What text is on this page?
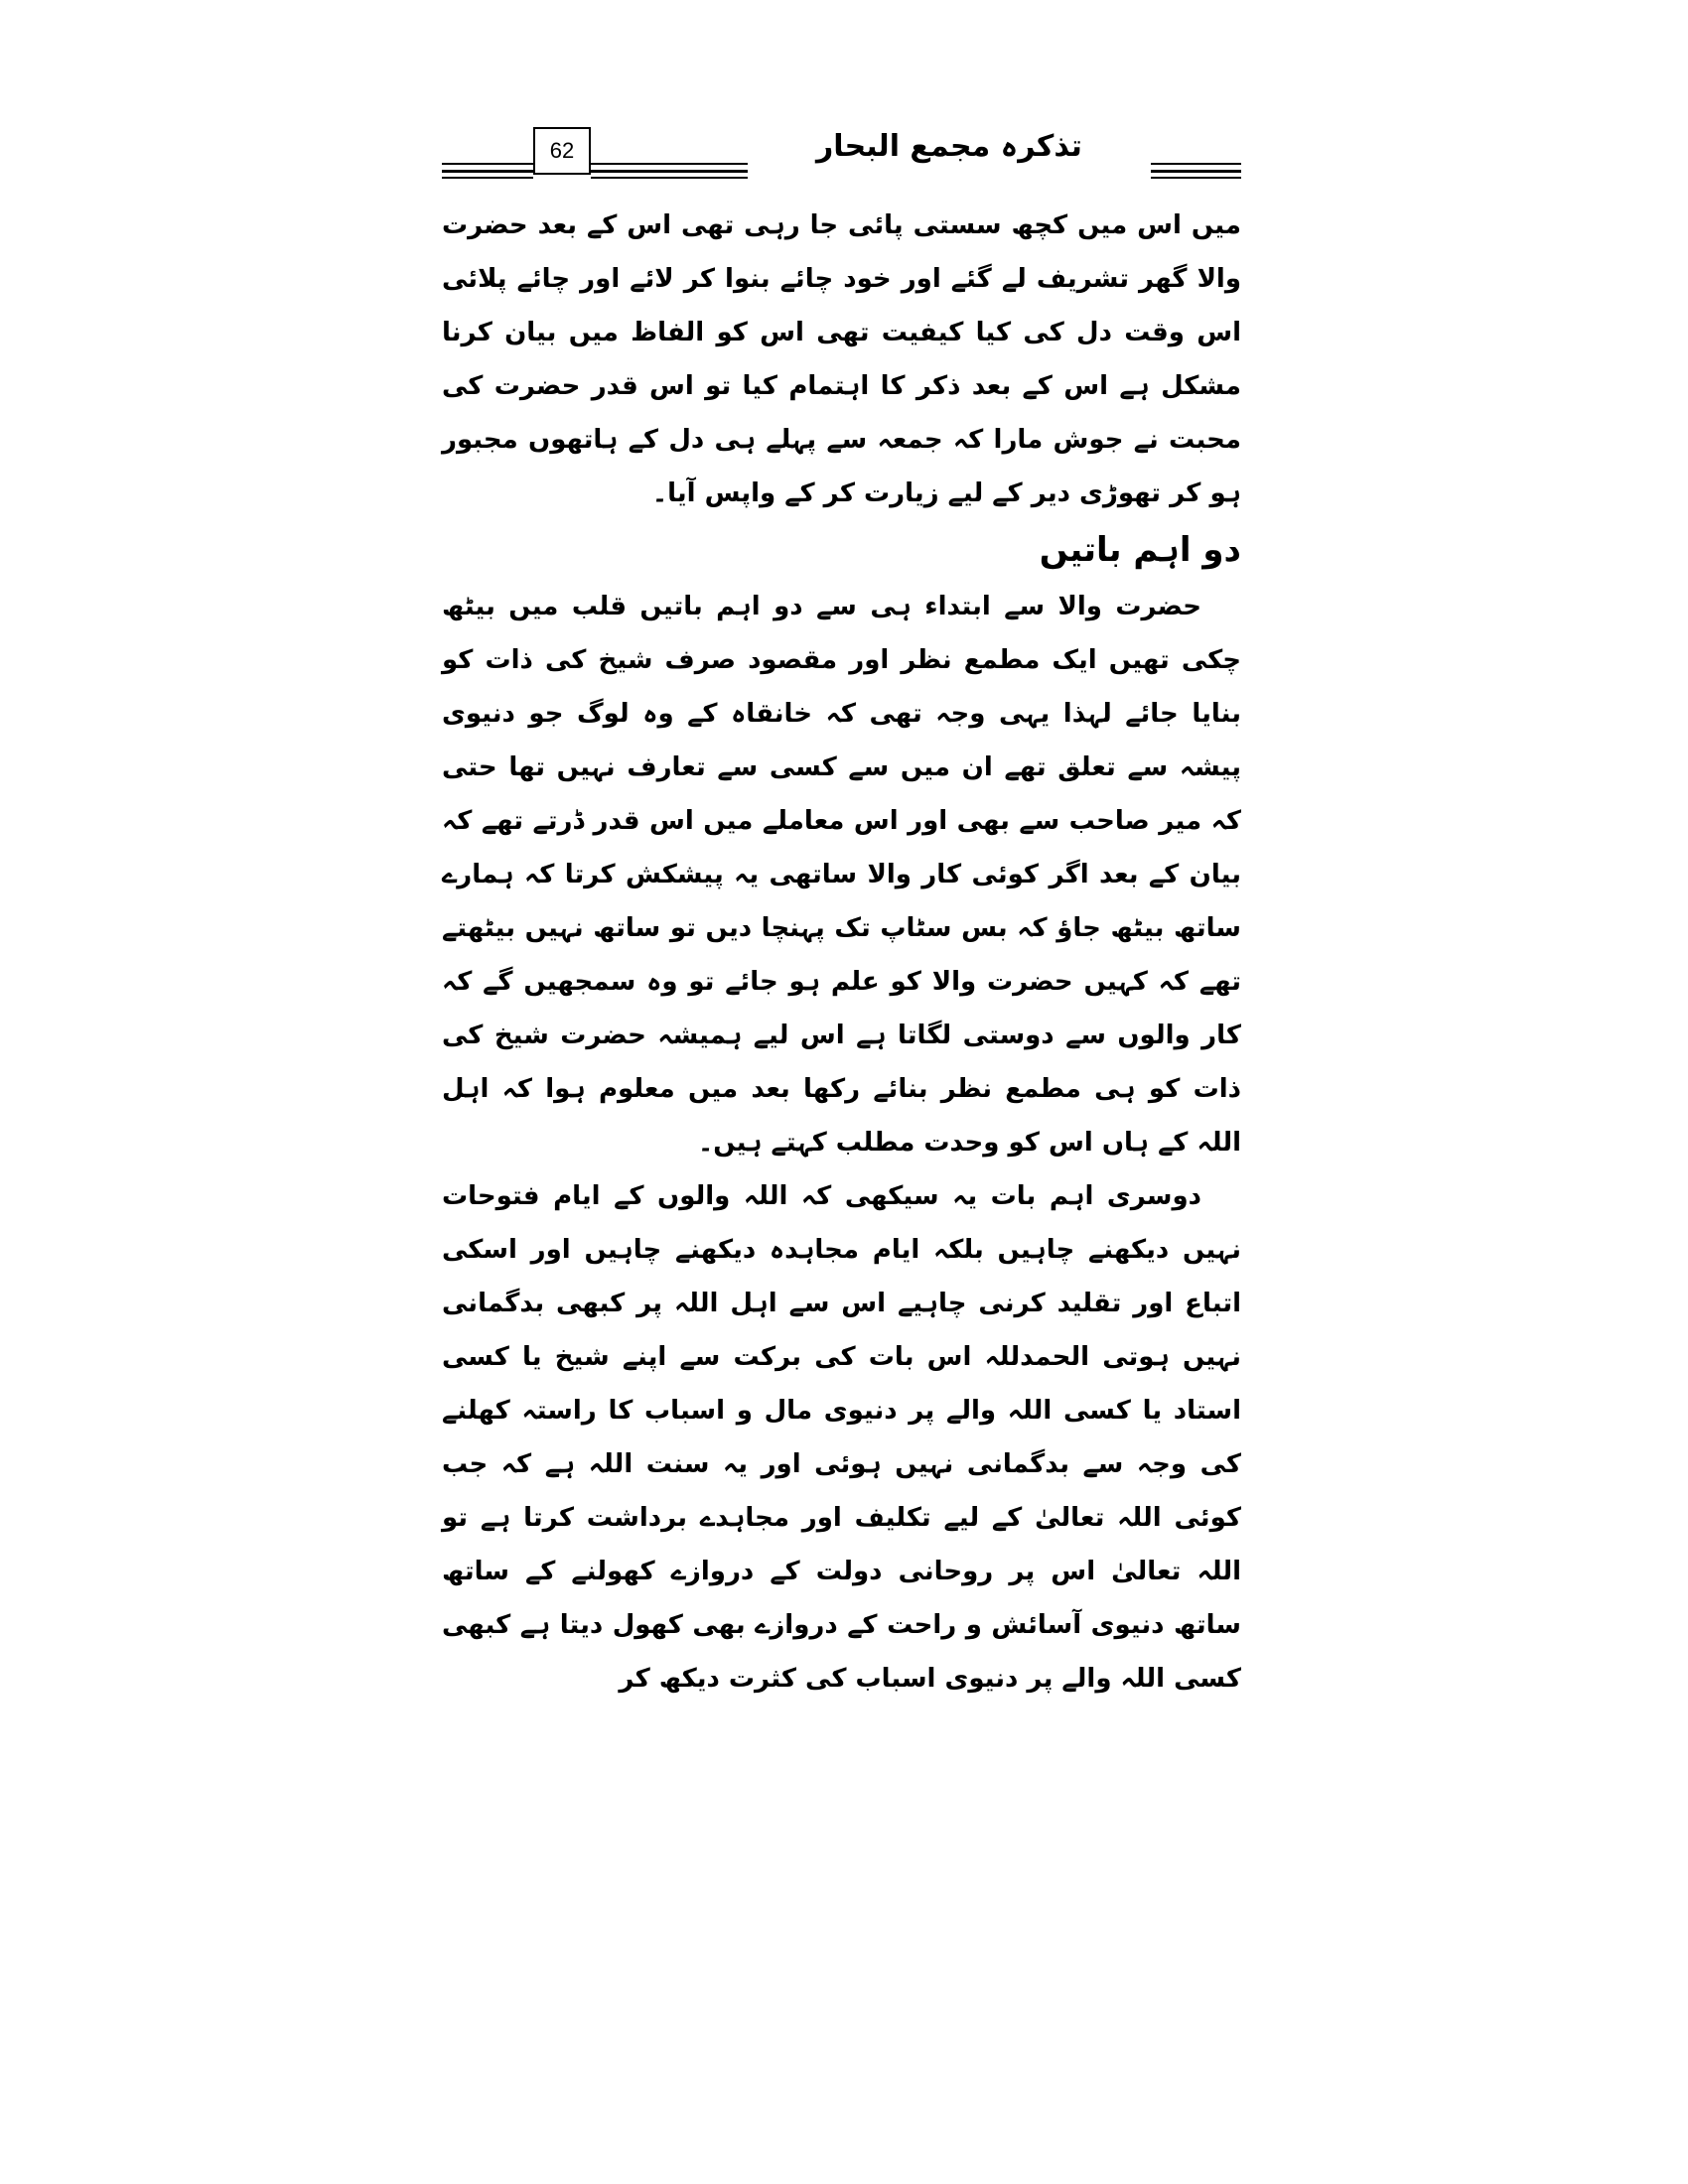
62	تذکرہ مجمع البحار

میں اس میں کچھ سستی پائی جا رہی تھی اس کے بعد حضرت والا گھر تشریف لے گئے اور خود چائے بنوا کر لائے اور چائے پلائی اس وقت دل کی کیا کیفیت تھی اس کو الفاظ میں بیان کرنا مشکل ہے اس کے بعد ذکر کا اہتمام کیا تو اس قدر حضرت کی محبت نے جوش مارا کہ جمعہ سے پہلے ہی دل کے ہاتھوں مجبور ہو کر تھوڑی دیر کے لیے زیارت کر کے واپس آیا۔

دو اہم باتیں

حضرت والا سے ابتداء ہی سے دو اہم باتیں قلب میں بیٹھ چکی تھیں ایک مطمع نظر اور مقصود صرف شیخ کی ذات کو بنایا جائے لہذا یہی وجہ تھی کہ خانقاہ کے وہ لوگ جو دنیوی پیشہ سے تعلق تھے ان میں سے کسی سے تعارف نہیں تھا حتی کہ میر صاحب سے بھی اور اس معاملے میں اس قدر ڈرتے تھے کہ بیان کے بعد اگر کوئی کار والا ساتھی یہ پیشکش کرتا کہ ہمارے ساتھ بیٹھ جاؤ کہ بس سٹاپ تک پہنچا دیں تو ساتھ نہیں بیٹھتے تھے کہ کہیں حضرت والا کو علم ہو جائے تو وہ سمجھیں گے کہ کار والوں سے دوستی لگاتا ہے اس لیے ہمیشہ حضرت شیخ کی ذات کو ہی مطمع نظر بنائے رکھا بعد میں معلوم ہوا کہ اہل اللہ کے ہاں اس کو وحدت مطلب کہتے ہیں۔

دوسری اہم بات یہ سیکھی کہ اللہ والوں کے ایام فتوحات نہیں دیکھنے چاہیں بلکہ ایام مجاہدہ دیکھنے چاہیں اور اسکی اتباع اور تقلید کرنی چاہیے اس سے اہل اللہ پر کبھی بدگمانی نہیں ہوتی الحمدللہ اس بات کی برکت سے اپنے شیخ یا کسی استاد یا کسی اللہ والے پر دنیوی مال و اسباب کا راستہ کھلنے کی وجہ سے بدگمانی نہیں ہوئی اور یہ سنت اللہ ہے کہ جب کوئی اللہ تعالیٰ کے لیے تکلیف اور مجاہدے برداشت کرتا ہے تو اللہ تعالیٰ اس پر روحانی دولت کے دروازے کھولنے کے ساتھ ساتھ دنیوی آسائش و راحت کے دروازے بھی کھول دیتا ہے کبھی کسی اللہ والے پر دنیوی اسباب کی کثرت دیکھ کر
